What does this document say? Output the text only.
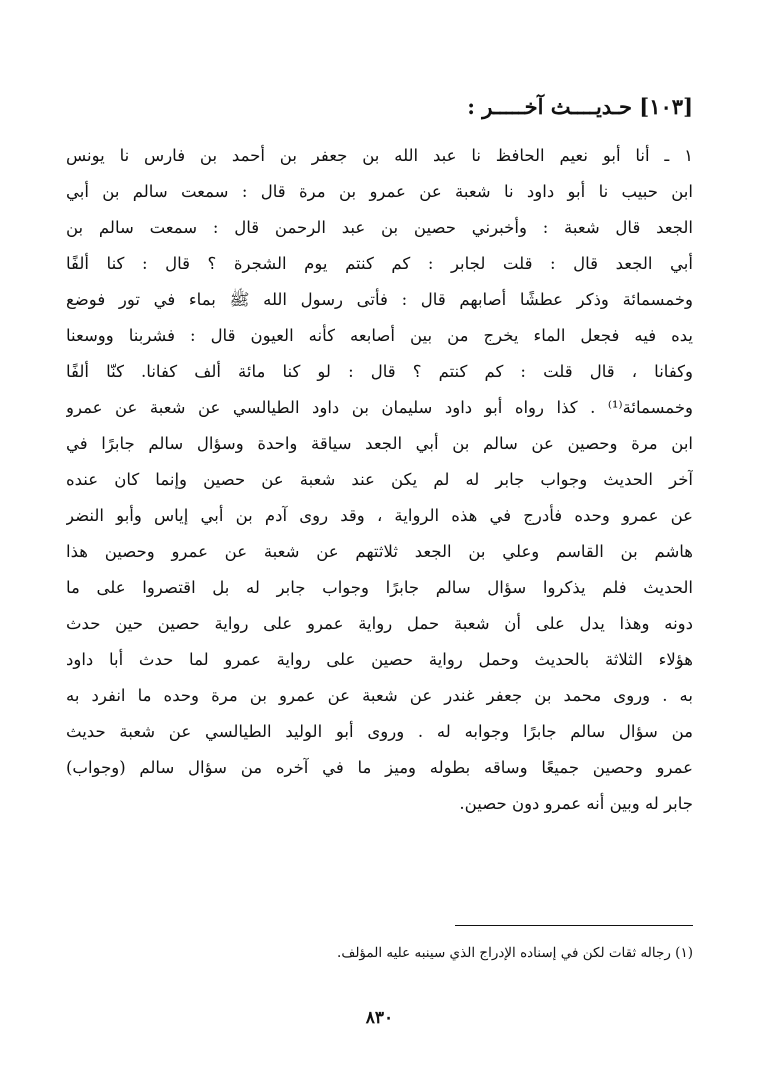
[١٠٣] حـديــــث آخـــــر :
١ ـ أنا أبو نعيم الحافظ نا عبد الله بن جعفر بن أحمد بن فارس نا يونس
ابن حبيب نا أبو داود نا شعبة عن عمرو بن مرة قال : سمعت سالم بن أبي
الجعد قال شعبة : وأخبرني حصين بن عبد الرحمن قال : سمعت سالم بن
أبي الجعد قال : قلت لجابر : كم كنتم يوم الشجرة ؟ قال : كنا ألفًا
وخمسمائة وذكر عطشًا أصابهم قال : فأتى رسول الله ﷺ بماء في تور فوضع
يده فيه فجعل الماء يخرج من بين أصابعه كأنه العيون قال : فشربنا ووسعنا
وكفانا ، قال قلت : كم كنتم ؟ قال : لو كنا مائة ألف كفانا. كنّا ألفًا
وخمسمائة⁽¹⁾ . كذا رواه أبو داود سليمان بن داود الطيالسي عن شعبة عن عمرو
ابن مرة وحصين عن سالم بن أبي الجعد سياقة واحدة وسؤال سالم جابرًا في
آخر الحديث وجواب جابر له لم يكن عند شعبة عن حصين وإنما كان عنده
عن عمرو وحده فأدرج في هذه الرواية ، وقد روى آدم بن أبي إياس وأبو النضر
هاشم بن القاسم وعلي بن الجعد ثلاثتهم عن شعبة عن عمرو وحصين هذا
الحديث فلم يذكروا سؤال سالم جابرًا وجواب جابر له بل اقتصروا على ما
دونه وهذا يدل على أن شعبة حمل رواية عمرو على رواية حصين حين حدث
هؤلاء الثلاثة بالحديث وحمل رواية حصين على رواية عمرو لما حدث أبا داود
به . وروى محمد بن جعفر غندر عن شعبة عن عمرو بن مرة وحده ما انفرد به
من سؤال سالم جابرًا وجوابه له . وروى أبو الوليد الطيالسي عن شعبة حديث
عمرو وحصين جميعًا وساقه بطوله وميز ما في آخره من سؤال سالم (وجواب)
جابر له وبين أنه عمرو دون حصين.
(١) رجاله ثقات لكن في إسناده الإدراج الذي سينبه عليه المؤلف.
٨٣٠
